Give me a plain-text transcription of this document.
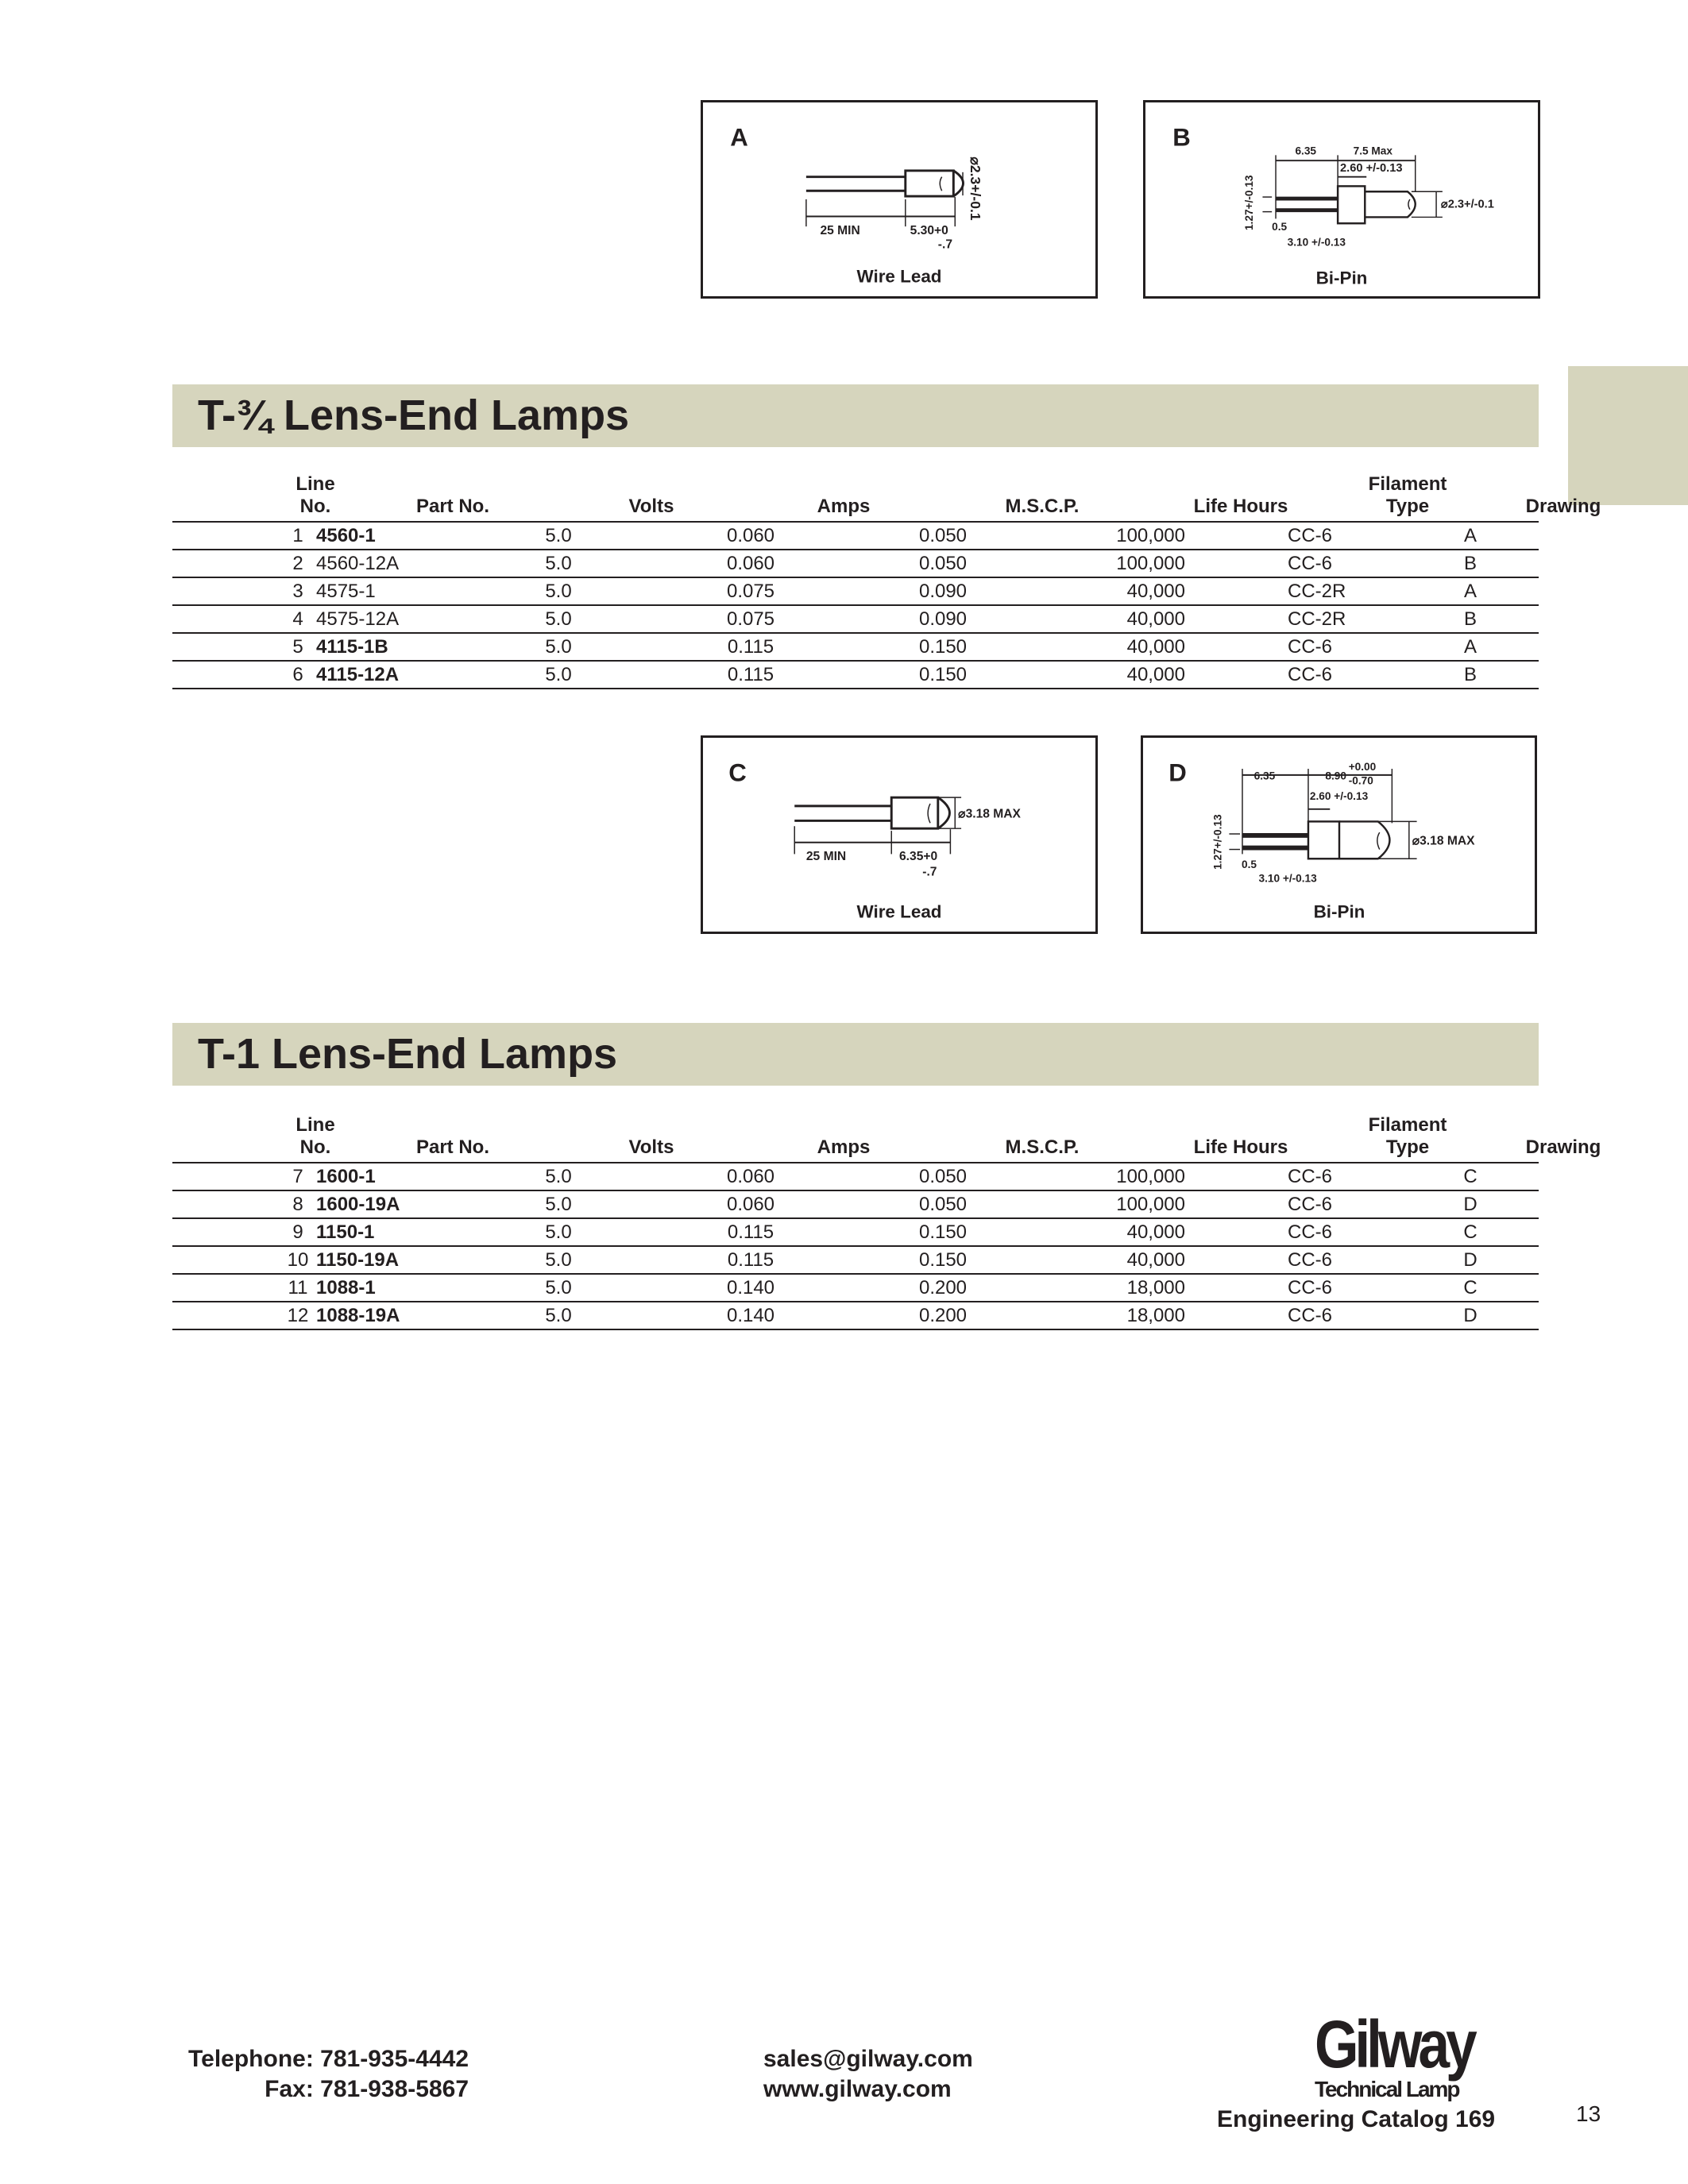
A
⌀2.3+/-0.1
25 MIN	5.30+0
-.7
Wire Lead
B	6.35	7.5 Max
2.60 +/-0.13
⌀2.3+/-0.1
1.27+/-0.13 0.5
3.10 +/-0.13
Bi-Pin
T-¾ Lens-End Lamps
Line
No.
	Part No.
	Volts
	Amps
	M.S.C.P.
	Life Hours
Filament
Type
	Drawing
1 4560-1	5.0	0.060	0.050	100,000	CC-6	A
2 4560-12A	5.0	0.060	0.050	100,000	CC-6	B
3 4575-1	5.0	0.075	0.090	40,000	CC-2R	A
4 4575-12A	5.0	0.075	0.090	40,000	CC-2R	B
5 4115-1B	5.0	0.115	0.150	40,000	CC-6	A
6 4115-12A	5.0	0.115	0.150	40,000	CC-6	B
C
⌀3.18 MAX
25 MIN	6.35+0
-.7
Wire Lead
D	6.35	8.90
+0.00
-0.70
2.60 +/-0.13
⌀3.18 MAX
1.27+/-0.13 0.5
3.10 +/-0.13
Bi-Pin
T-1 Lens-End Lamps
Line
No.
	Part No.
	Volts
	Amps
	M.S.C.P.
	Life Hours
Filament
Type
	Drawing
7 1600-1	5.0	0.060	0.050	100,000	CC-6	C
8 1600-19A	5.0	0.060	0.050	100,000	CC-6	D
9 1150-1	5.0	0.115	0.150	40,000	CC-6	C
10 1150-19A	5.0	0.115	0.150	40,000	CC-6	D
11 1088-1	5.0	0.140	0.200	18,000	CC-6	C
12 1088-19A	5.0	0.140	0.200	18,000	CC-6	D
Telephone: 781-935-4442
Fax: 781-938-5867
sales@gilway.com
www.gilway.com
Gilway
Technical Lamp
Engineering Catalog 169	13
